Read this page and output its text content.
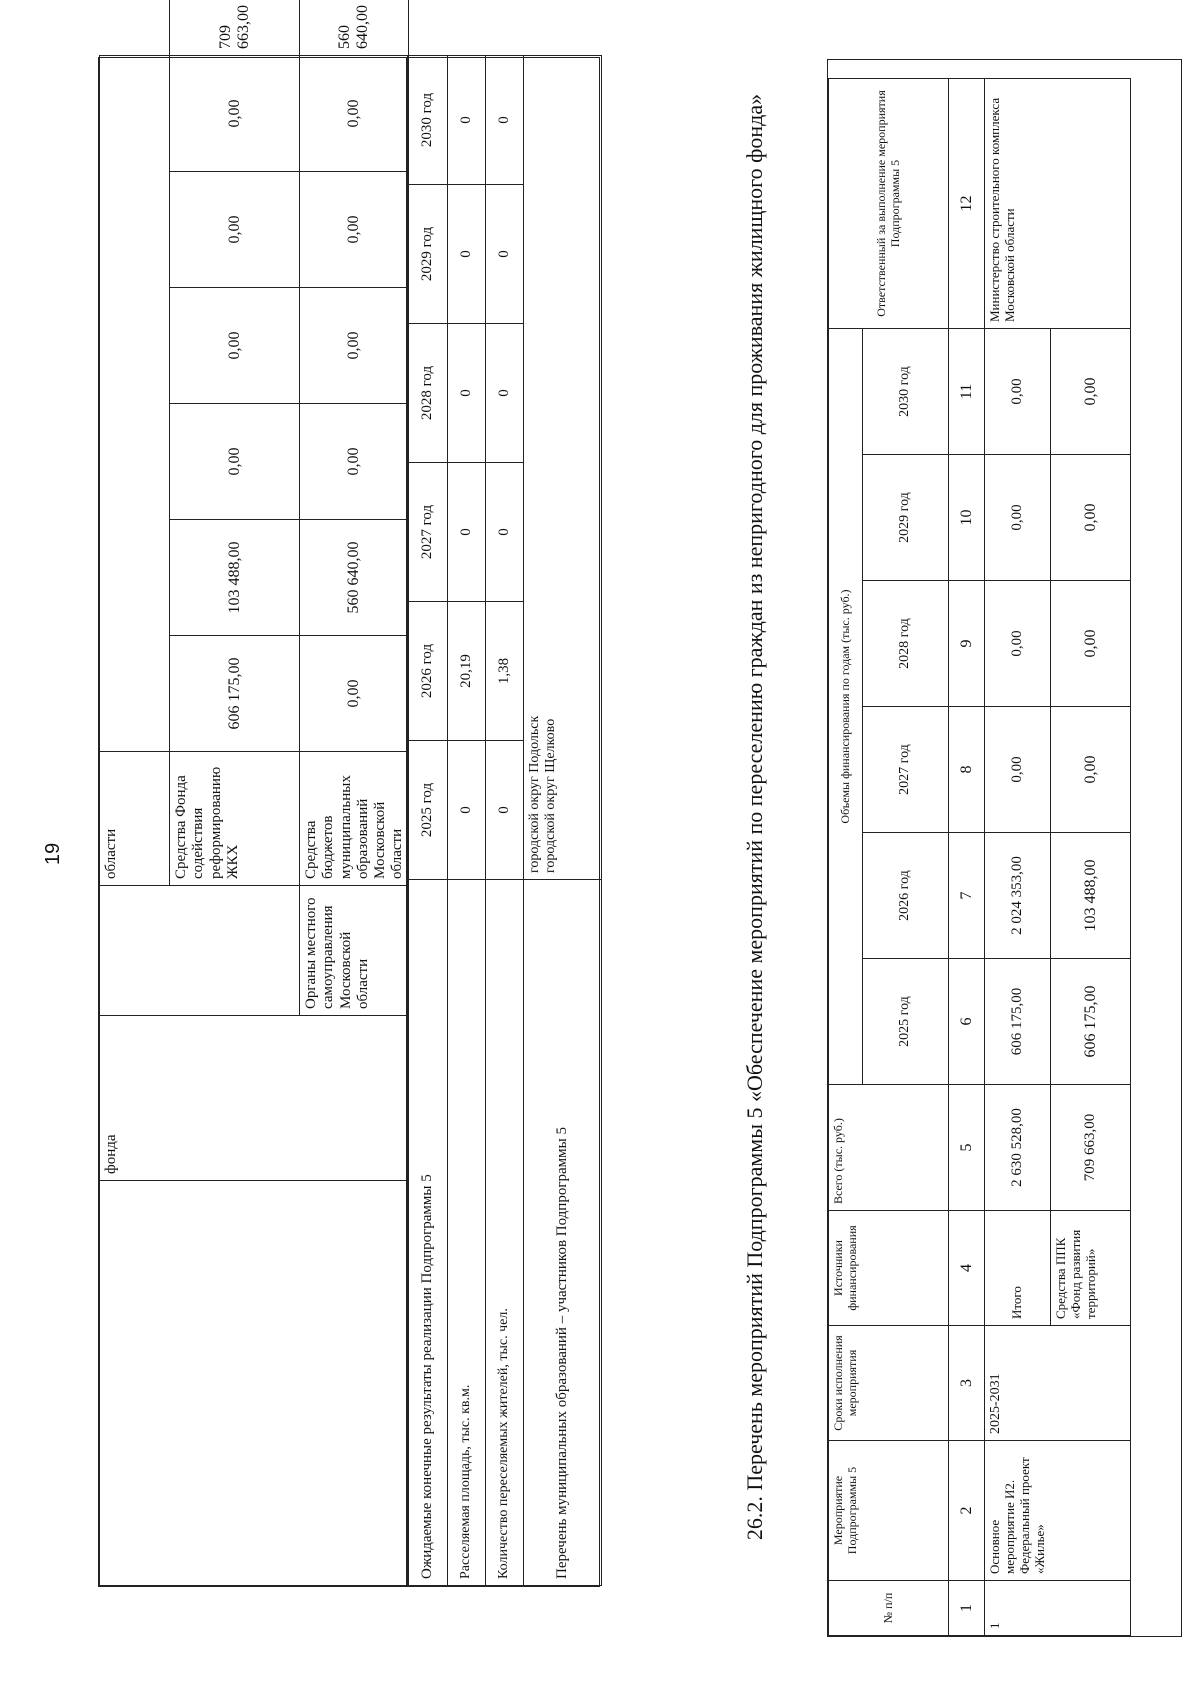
19
фонда
области	Средства Фонда содействия реформированию ЖКХ
606 175,00
103 488,00
0,00
0,00
0,00
0,00
709 663,00
Органы местного самоуправления Московской области
Средства бюджетов муниципальных образований Московской области
0,00
560 640,00
0,00
0,00
0,00
0,00
560 640,00
Ожидаемые конечные результаты реализации Подпрограммы 5
2025 год
2026 год
2027 год
2028 год
2029 год
2030 год
Расселяемая площадь, тыс. кв.м.
0
20,19
0
0
0
0
Количество переселяемых жителей, тыс. чел.
0
1,38
0
0
0
0
Перечень муниципальных образований – участников Подпрограммы 5
городской округ Подольск городской округ Щелково	26.2. Перечень мероприятий Подпрограммы 5 «Обеспечение мероприятий по переселению граждан из непригодного для проживания жилищного фонда»
№ п/п
Мероприятие Подпрограммы 5
Сроки исполнения мероприятия
Источники финансирования
Всего (тыс. руб.)
Объемы финансирования по годам (тыс. руб.)
2025 год
2026 год
2027 год
2028 год
2029 год
2030 год
Ответственный за выполнение мероприятия Подпрограммы 5
1
2
3
4
5
6
7
8
9
10
11
12
1
Основное мероприятие И2. Федеральный проект «Жилье»
2025-2031
Итого
2 630 528,00
606 175,00
2 024 353,00
0,00
0,00
0,00
0,00
Средства ППК «Фонд развития территорий»
709 663,00
606 175,00
103 488,00
0,00
0,00
0,00
0,00
Министерство строительного комплекса Московской области
